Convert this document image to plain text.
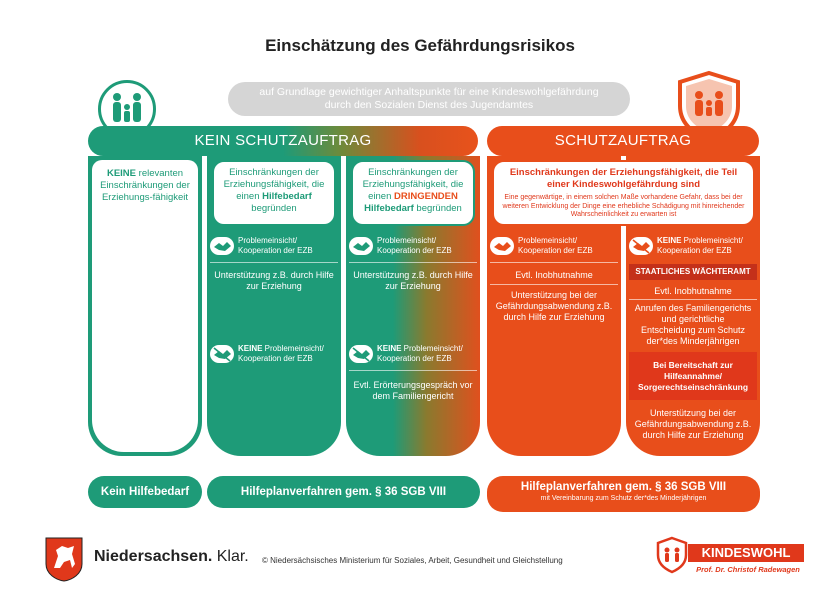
Einschätzung des Gefährdungsrisikos
auf Grundlage gewichtiger Anhaltspunkte für eine Kindeswohlgefährdung
durch den Sozialen Dienst des Jugendamtes
KEIN SCHUTZAUFTRAG	SCHUTZAUFTRAG
KEINE relevanten Einschränkungen der Erziehungs-fähigkeit
Einschränkungen der Erziehungsfähigkeit, die einen Hilfebedarf begründen
Problemeinsicht/ Kooperation der EZB
Unterstützung z.B. durch Hilfe zur Erziehung
KEINE Problemeinsicht/ Kooperation der EZB
Einschränkungen der Erziehungsfähigkeit, die einen DRINGENDEN Hilfebedarf begründen
Problemeinsicht/ Kooperation der EZB
Unterstützung z.B. durch Hilfe zur Erziehung
KEINE Problemeinsicht/ Kooperation der EZB
Evtl. Erörterungsgespräch vor dem Familiengericht
Einschränkungen der Erziehungsfähigkeit, die Teil einer Kindeswohlgefährdung sind
Eine gegenwärtige, in einem solchen Maße vorhandene Gefahr, dass bei der weiteren Entwicklung der Dinge eine erhebliche Schädigung mit hinreichender Wahrscheinlichkeit zu erwarten ist
Problemeinsicht/ Kooperation der EZB
Evtl. Inobhutnahme
Unterstützung bei der Gefährdungsabwendung z.B. durch Hilfe zur Erziehung
KEINE Problemeinsicht/ Kooperation der EZB
STAATLICHES WÄCHTERAMT
Evtl. Inobhutnahme
Anrufen des Familiengerichts und gerichtliche Entscheidung zum Schutz der*des Minderjährigen
Bei Bereitschaft zur Hilfeannahme/ Sorgerechtseinschränkung
Unterstützung bei der Gefährdungsabwendung z.B. durch Hilfe zur Erziehung
Kein Hilfebedarf	Hilfeplanverfahren gem. § 36 SGB VIII	Hilfeplanverfahren gem. § 36 SGB VIII
mit Vereinbarung zum Schutz der*des Minderjährigen
Niedersachsen. Klar. © Niedersächsisches Ministerium für Soziales, Arbeit, Gesundheit und Gleichstellung
KINDESWOHL
Prof. Dr. Christof Radewagen
